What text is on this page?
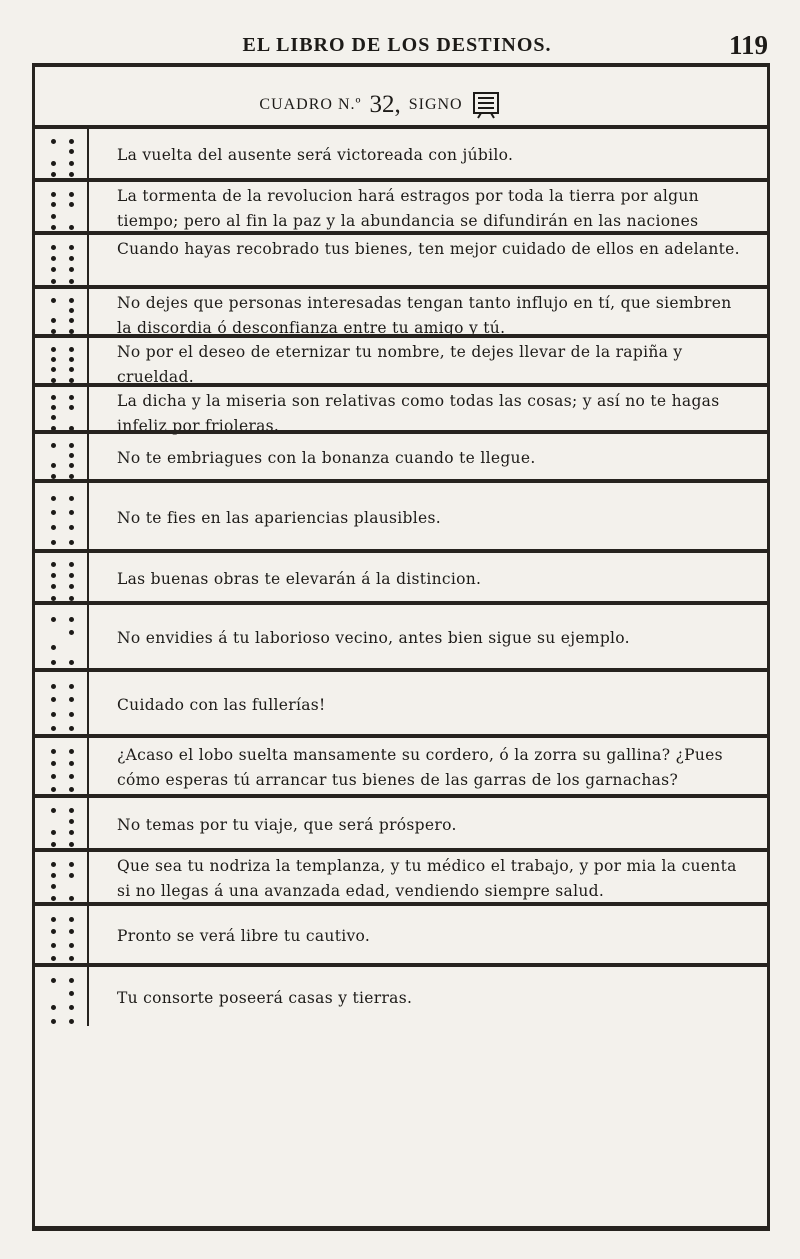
EL LIBRO DE LOS DESTINOS.	119
CUADRO N.º 32, SIGNO
La vuelta del ausente será victoreada con júbilo.
La tormenta de la revolucion hará estragos por toda la tierra por algun tiempo; pero al fin la paz y la abundancia se difundirán en las naciones
Cuando hayas recobrado tus bienes, ten mejor cuidado de ellos en adelante.
No dejes que personas interesadas tengan tanto influjo en tí, que siembren la discordia ó desconfianza entre tu amigo y tú.
No por el deseo de eternizar tu nombre, te dejes llevar de la rapiña y crueldad.
La dicha y la miseria son relativas como todas las cosas; y así no te hagas infeliz por frioleras.
No te embriagues con la bonanza cuando te llegue.
No te fies en las apariencias plausibles.
Las buenas obras te elevarán á la distincion.
No envidies á tu laborioso vecino, antes bien sigue su ejemplo.
Cuidado con las fullerías!
¿Acaso el lobo suelta mansamente su cordero, ó la zorra su gallina? ¿Pues cómo esperas tú arrancar tus bienes de las garras de los garnachas?
No temas por tu viaje, que será próspero.
Que sea tu nodriza la templanza, y tu médico el trabajo, y por mia la cuenta si no llegas á una avanzada edad, vendiendo siempre salud.
Pronto se verá libre tu cautivo.
Tu consorte poseerá casas y tierras.
